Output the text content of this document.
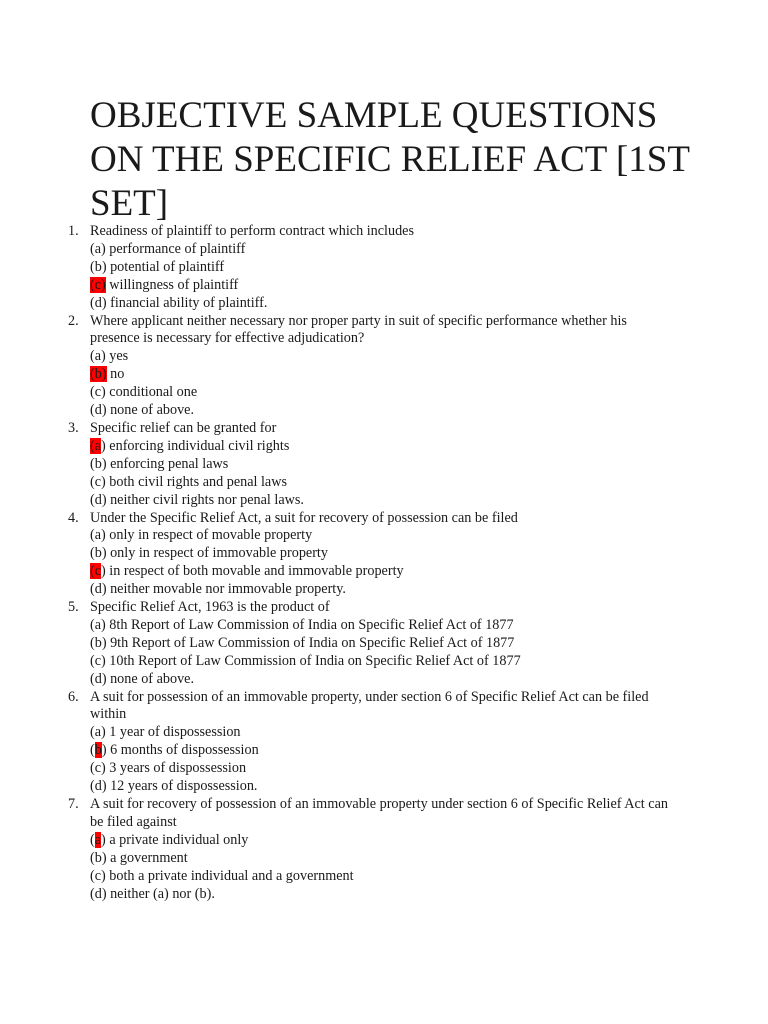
OBJECTIVE SAMPLE QUESTIONS ON THE SPECIFIC RELIEF ACT [1ST SET]
1. Readiness of plaintiff to perform contract which includes
(a) performance of plaintiff
(b) potential of plaintiff
(c) willingness of plaintiff
(d) financial ability of plaintiff.
2. Where applicant neither necessary nor proper party in suit of specific performance whether his presence is necessary for effective adjudication?
(a) yes
(b) no
(c) conditional one
(d) none of above.
3. Specific relief can be granted for
(a) enforcing individual civil rights
(b) enforcing penal laws
(c) both civil rights and penal laws
(d) neither civil rights nor penal laws.
4. Under the Specific Relief Act, a suit for recovery of possession can be filed
(a) only in respect of movable property
(b) only in respect of immovable property
(c) in respect of both movable and immovable property
(d) neither movable nor immovable property.
5. Specific Relief Act, 1963 is the product of
(a) 8th Report of Law Commission of India on Specific Relief Act of 1877
(b) 9th Report of Law Commission of India on Specific Relief Act of 1877
(c) 10th Report of Law Commission of India on Specific Relief Act of 1877
(d) none of above.
6. A suit for possession of an immovable property, under section 6 of Specific Relief Act can be filed within
(a) 1 year of dispossession
(b) 6 months of dispossession
(c) 3 years of dispossession
(d) 12 years of dispossession.
7. A suit for recovery of possession of an immovable property under section 6 of Specific Relief Act can be filed against
(a) a private individual only
(b) a government
(c) both a private individual and a government
(d) neither (a) nor (b).
